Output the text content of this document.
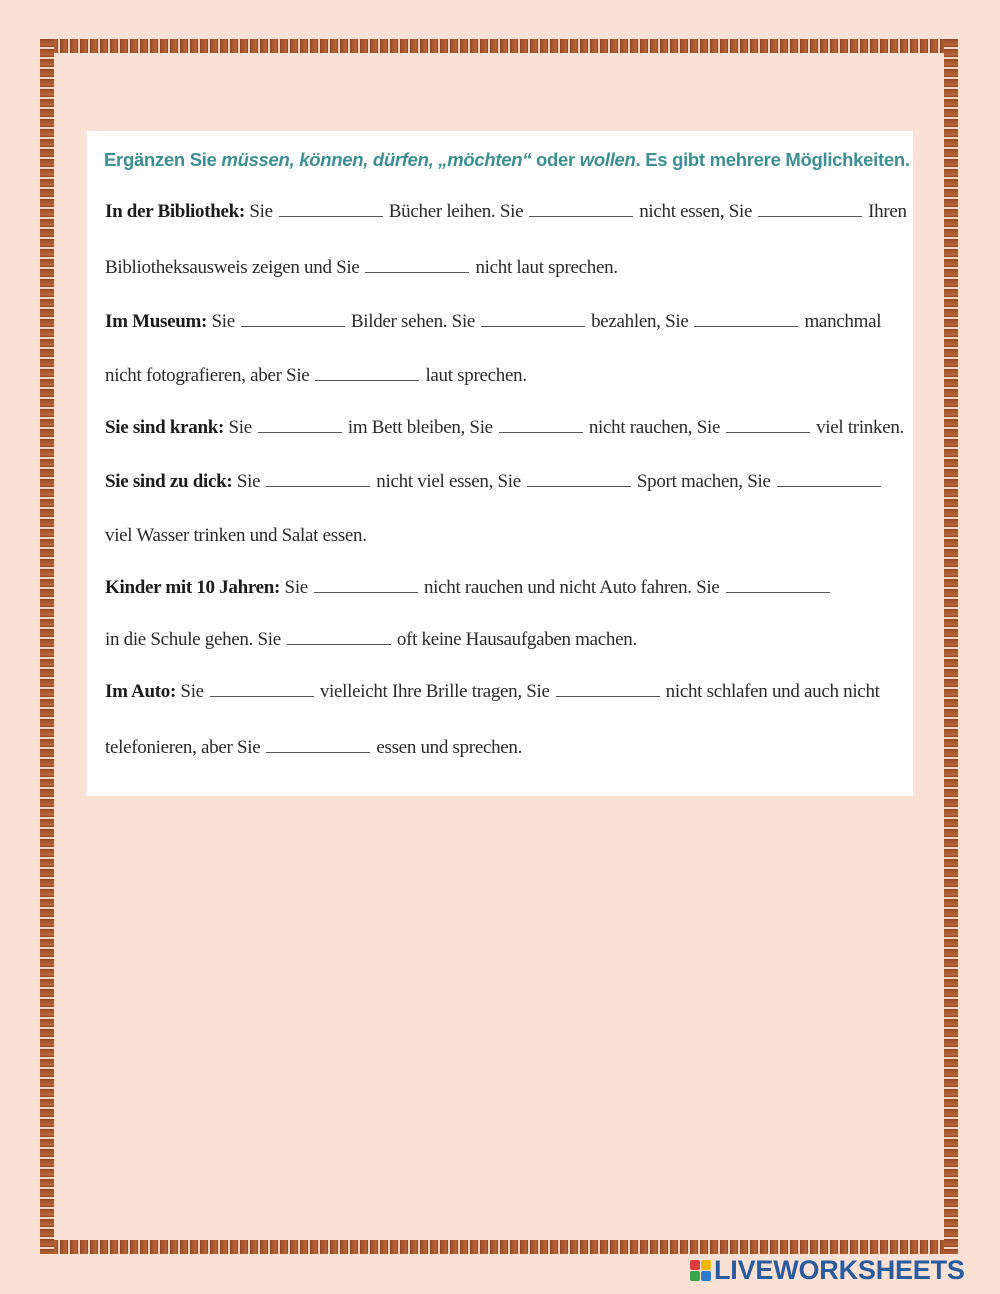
Ergänzen Sie müssen, können, dürfen, „möchten“ oder wollen. Es gibt mehrere Möglichkeiten.
In der Bibliothek: Sie	Bücher leihen. Sie	nicht essen, Sie	Ihren
Bibliotheksausweis zeigen und Sie	nicht laut sprechen.
Im Museum: Sie	Bilder sehen. Sie	bezahlen, Sie	manchmal
nicht fotografieren, aber Sie	laut sprechen.
Sie sind krank: Sie	im Bett bleiben, Sie	nicht rauchen, Sie	viel trinken.
Sie sind zu dick: Sie	nicht viel essen, Sie	Sport machen, Sie
viel Wasser trinken und Salat essen.
Kinder mit 10 Jahren: Sie	nicht rauchen und nicht Auto fahren. Sie
in die Schule gehen. Sie	oft keine Hausaufgaben machen.
Im Auto: Sie	vielleicht Ihre Brille tragen, Sie	nicht schlafen und auch nicht
telefonieren, aber Sie	essen und sprechen.
LIVEWORKSHEETS
